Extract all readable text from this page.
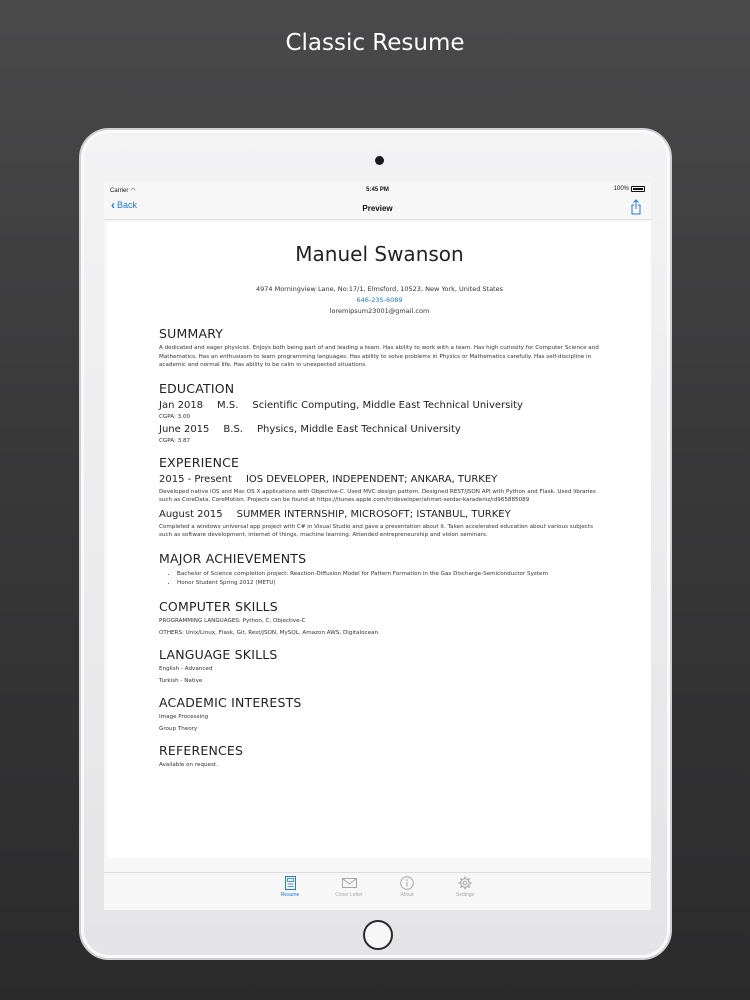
Classic Resume
Carrier ◠	5:45 PM	100%
‹ Back	Preview
Manuel Swanson
4974 Morningview Lane, No:17/1, Elmsford, 10523, New York, United States
646-235-6089
loremipsum23001@gmail.com
SUMMARY
A dedicated and eager physicist. Enjoys both being part of and leading a team. Has ability to work with a team. Has high curiosity for Computer Science and Mathematics. Has an enthusiasm to learn programming languages. Has ability to solve problems in Physics or Mathematics carefully. Has self-discipline in academic and normal life. Has ability to be calm in unexpected situations.
EDUCATION
Jan 2018 M.S. Scientific Computing, Middle East Technical University
CGPA: 3.00
June 2015 B.S. Physics, Middle East Technical University
CGPA: 3.87
EXPERIENCE
2015 - Present IOS DEVELOPER, INDEPENDENT; ANKARA, TURKEY
Developed native iOS and Mac OS X applications with Objective-C. Used MVC design pattern. Designed REST/JSON API with Python and Flask. Used libraries such as CoreData, CoreMotion. Projects can be found at https://itunes.apple.com/tr/developer/ahmet-serdar-karadeniz/id965885089
August 2015 SUMMER INTERNSHIP, MICROSOFT; ISTANBUL, TURKEY
Completed a windows universal app project with C# in Visual Studio and gave a presentation about it. Taken accelerated education about various subjects such as software development, internet of things, machine learning. Attended entrepreneurship and vision seminars.
MAJOR ACHIEVEMENTS
• Bachelor of Science completion project: Reaction-Diffusion Model for Pattern Formation in the Gas Discharge-Semiconductor System
• Honor Student Spring 2012 (METU)
COMPUTER SKILLS
PROGRAMMING LANGUAGES: Python, C, Objective-C
OTHERS: Unix/Linux, Flask, Git, Rest/JSON, MySQL, Amazon AWS, Digitalocean.
LANGUAGE SKILLS
English - Advanced
Turkish - Native
ACADEMIC INTERESTS
Image Processing
Group Theory
REFERENCES
Available on request.
Resume	Cover Letter	About	Settings
